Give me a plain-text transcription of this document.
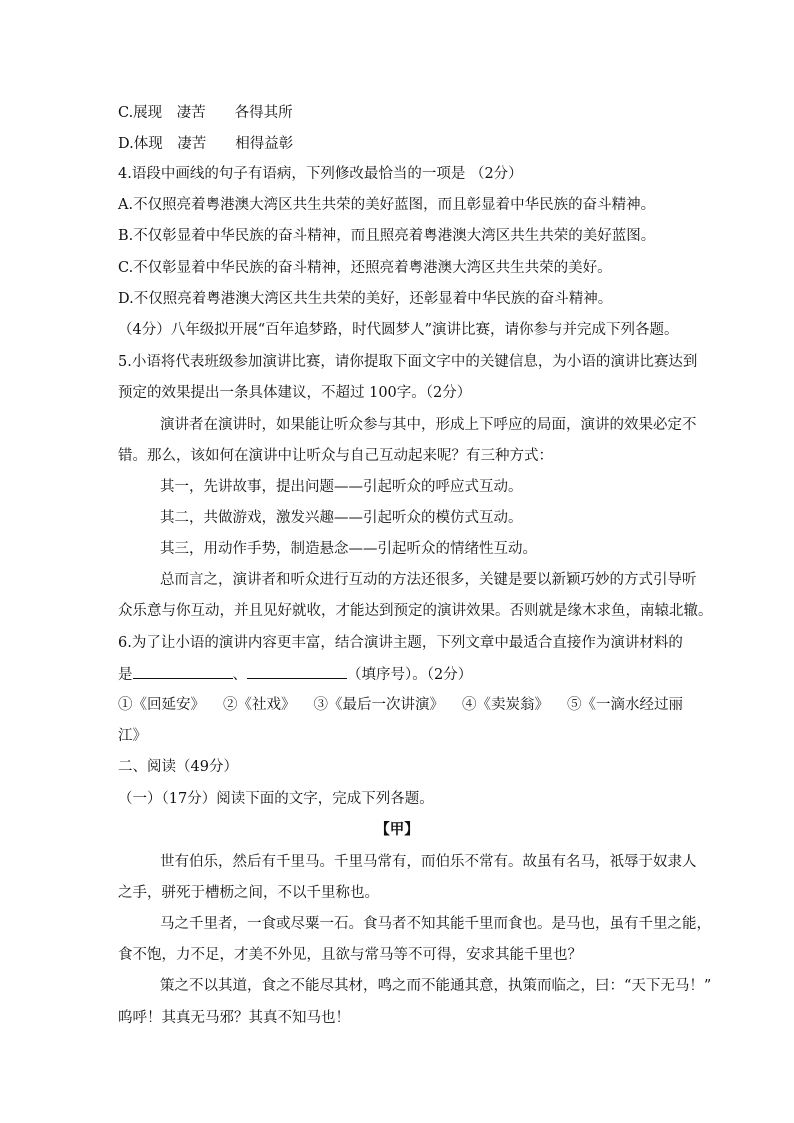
C.展现　凄苦　　各得其所
D.体现　凄苦　　相得益彰
4.语段中画线的句子有语病，下列修改最恰当的一项是 （2分）
A.不仅照亮着粤港澳大湾区共生共荣的美好蓝图，而且彰显着中华民族的奋斗精神。
B.不仅彰显着中华民族的奋斗精神，而且照亮着粤港澳大湾区共生共荣的美好蓝图。
C.不仅彰显着中华民族的奋斗精神，还照亮着粤港澳大湾区共生共荣的美好。
D.不仅照亮着粤港澳大湾区共生共荣的美好，还彰显着中华民族的奋斗精神。
（4分）八年级拟开展“百年追梦路，时代圆梦人”演讲比赛，请你参与并完成下列各题。
5.小语将代表班级参加演讲比赛，请你提取下面文字中的关键信息，为小语的演讲比赛达到
预定的效果提出一条具体建议，不超过 100字。（2分）
演讲者在演讲时，如果能让听众参与其中，形成上下呼应的局面，演讲的效果必定不
错。那么，该如何在演讲中让听众与自己互动起来呢？有三种方式：
其一，先讲故事，提出问题——引起听众的呼应式互动。
其二，共做游戏，激发兴趣——引起听众的模仿式互动。
其三，用动作手势，制造悬念——引起听众的情绪性互动。
总而言之，演讲者和听众进行互动的方法还很多，关键是要以新颖巧妙的方式引导听
众乐意与你互动，并且见好就收，才能达到预定的演讲效果。否则就是缘木求鱼，南辕北辙。
6.为了让小语的演讲内容更丰富，结合演讲主题，下列文章中最适合直接作为演讲材料的
是	、	（填序号）。（2分）
①《回延安》 ②《社戏》 ③《最后一次讲演》 ④《卖炭翁》 ⑤《一滴水经过丽
江》
二、阅读（49分）
（一）（17分）阅读下面的文字，完成下列各题。
【甲】
世有伯乐，然后有千里马。千里马常有，而伯乐不常有。故虽有名马，祇辱于奴隶人
之手，骈死于槽枥之间，不以千里称也。
马之千里者，一食或尽粟一石。食马者不知其能千里而食也。是马也，虽有千里之能，
食不饱，力不足，才美不外见，且欲与常马等不可得，安求其能千里也？
策之不以其道，食之不能尽其材，鸣之而不能通其意，执策而临之，曰：“天下无马！”
呜呼！其真无马邪？其真不知马也！
